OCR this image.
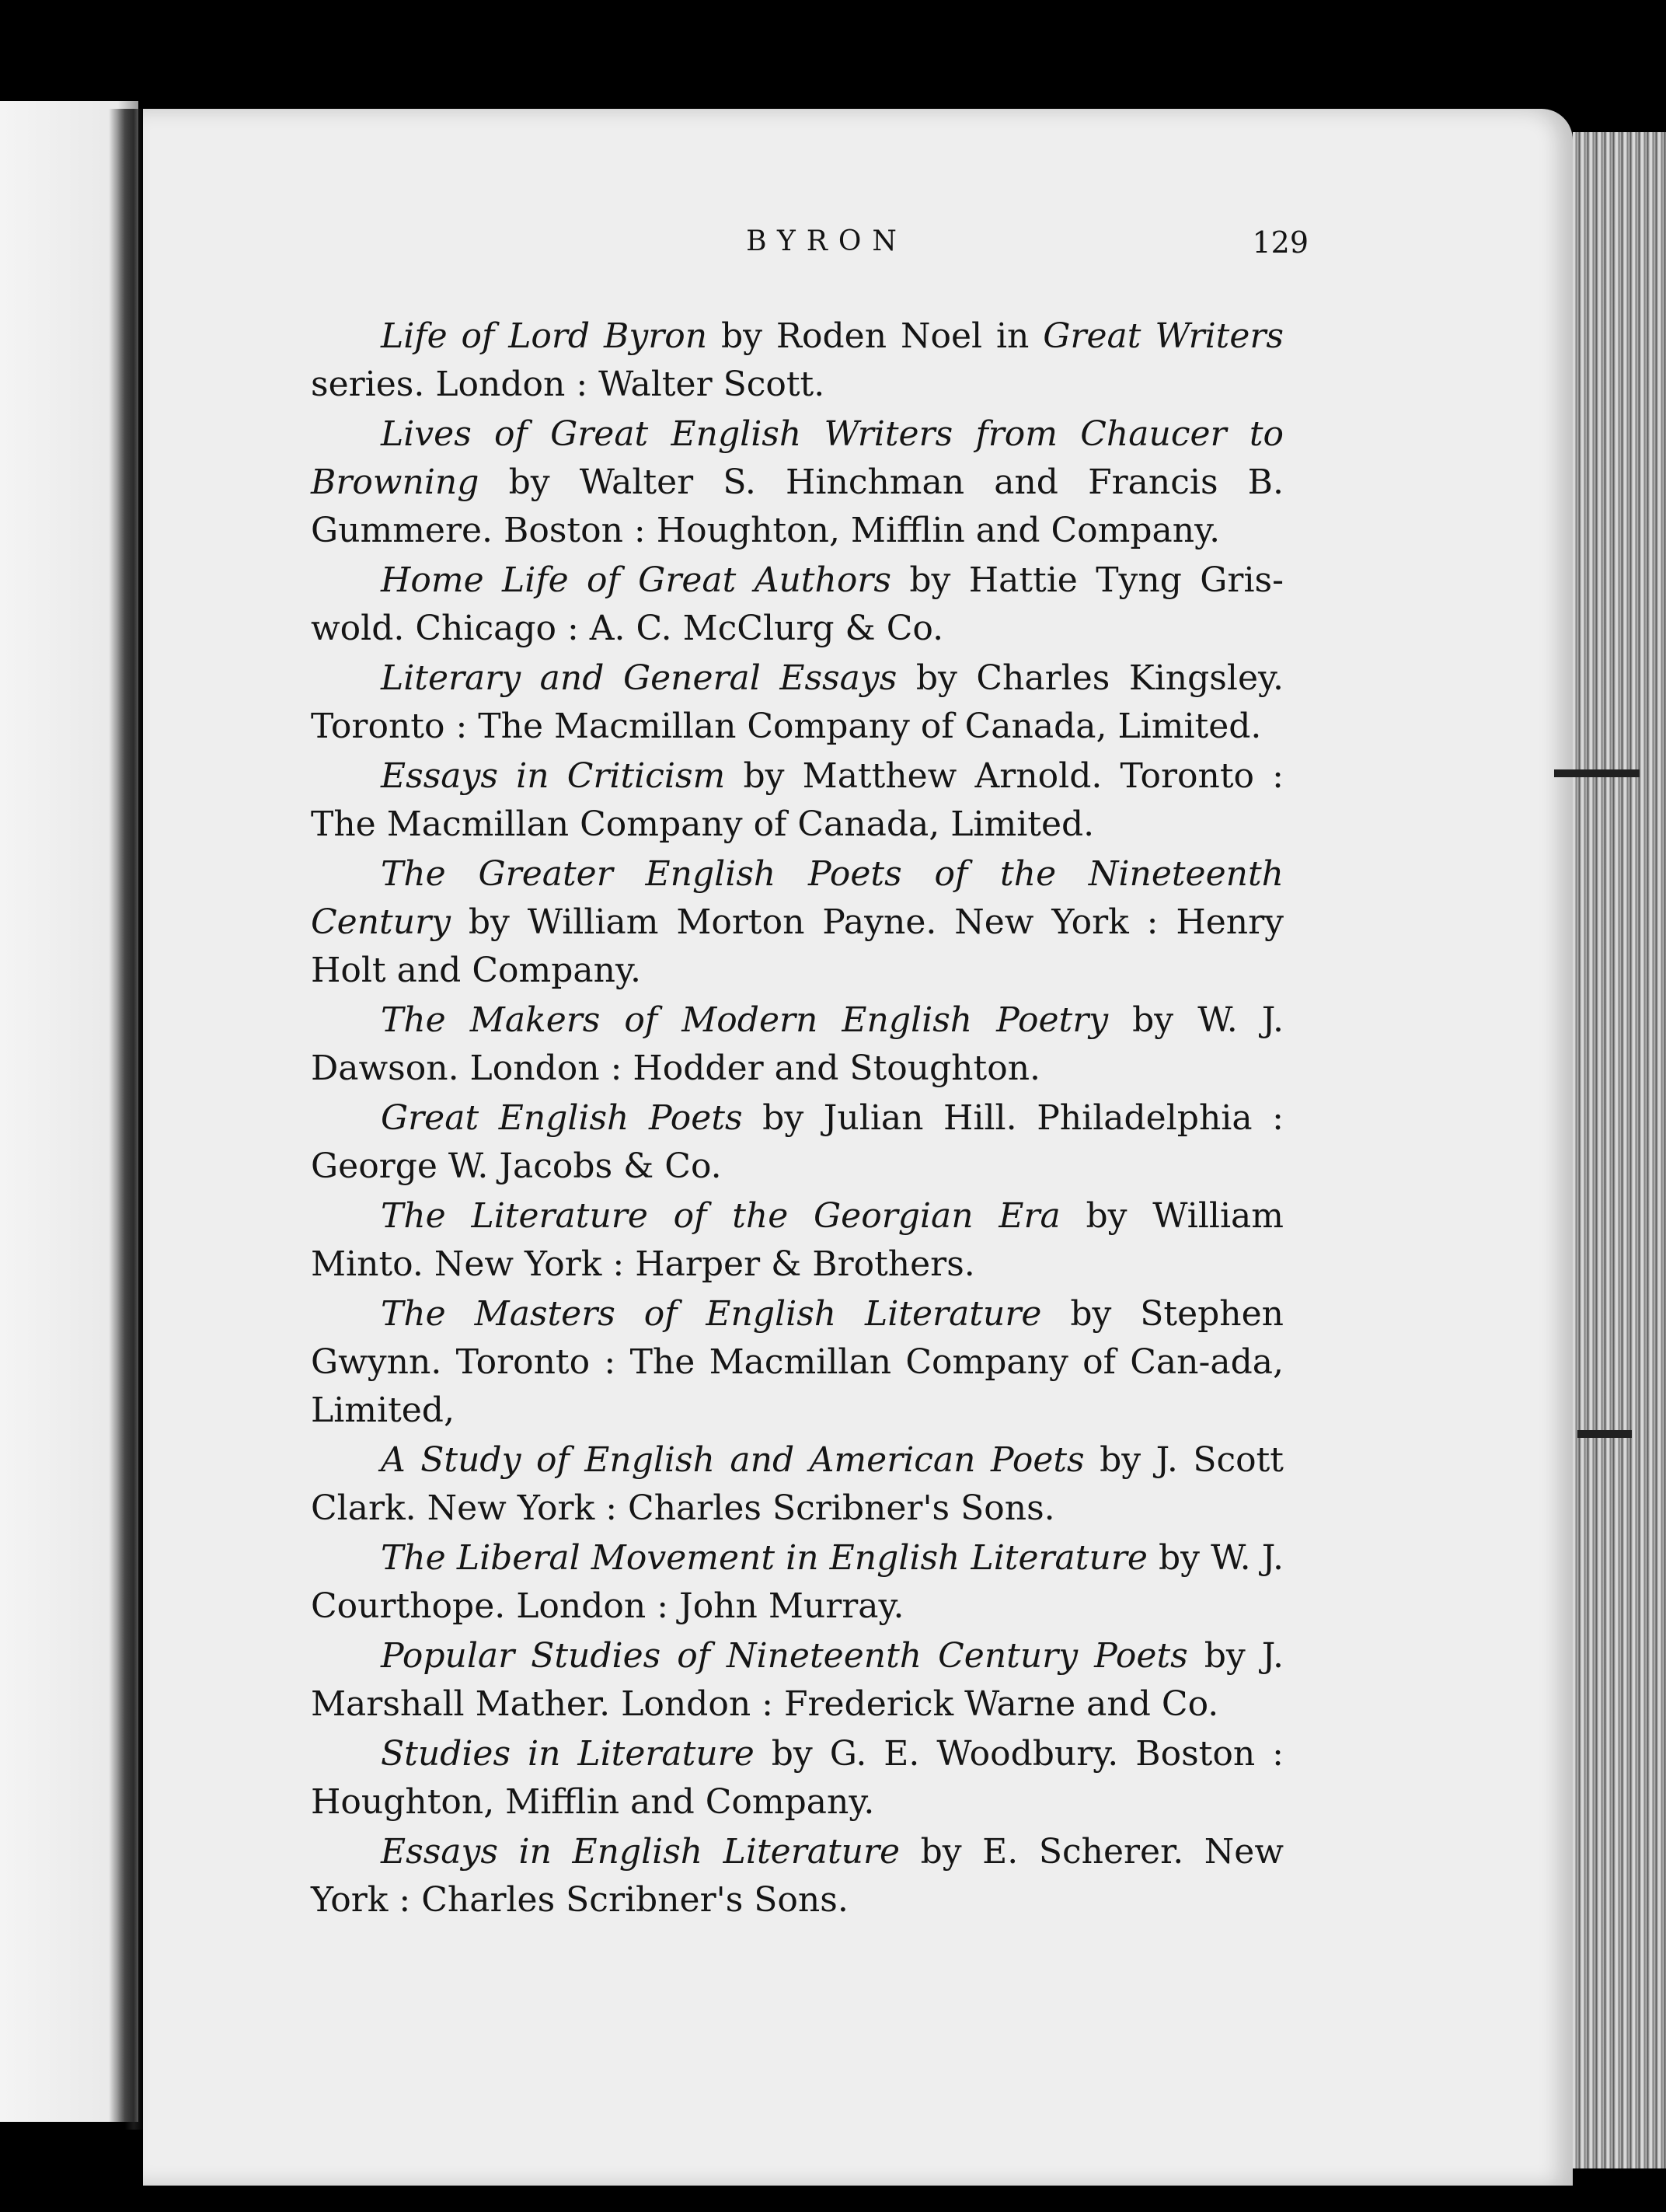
BYRON	129

Life of Lord Byron by Roden Noel in Great Writers series. London : Walter Scott.

Lives of Great English Writers from Chaucer to Browning by Walter S. Hinchman and Francis B. Gummere. Boston : Houghton, Mifflin and Company.

Home Life of Great Authors by Hattie Tyng Gris-wold. Chicago : A. C. McClurg & Co.

Literary and General Essays by Charles Kingsley. Toronto : The Macmillan Company of Canada, Limited.

Essays in Criticism by Matthew Arnold. Toronto : The Macmillan Company of Canada, Limited.

The Greater English Poets of the Nineteenth Century by William Morton Payne. New York : Henry Holt and Company.

The Makers of Modern English Poetry by W. J. Dawson. London : Hodder and Stoughton.

Great English Poets by Julian Hill. Philadelphia : George W. Jacobs & Co.

The Literature of the Georgian Era by William Minto. New York : Harper & Brothers.

The Masters of English Literature by Stephen Gwynn. Toronto : The Macmillan Company of Can-ada, Limited,

A Study of English and American Poets by J. Scott Clark. New York : Charles Scribner's Sons.

The Liberal Movement in English Literature by W. J. Courthope. London : John Murray.

Popular Studies of Nineteenth Century Poets by J. Marshall Mather. London : Frederick Warne and Co.

Studies in Literature by G. E. Woodbury. Boston : Houghton, Mifflin and Company.

Essays in English Literature by E. Scherer. New York : Charles Scribner's Sons.
